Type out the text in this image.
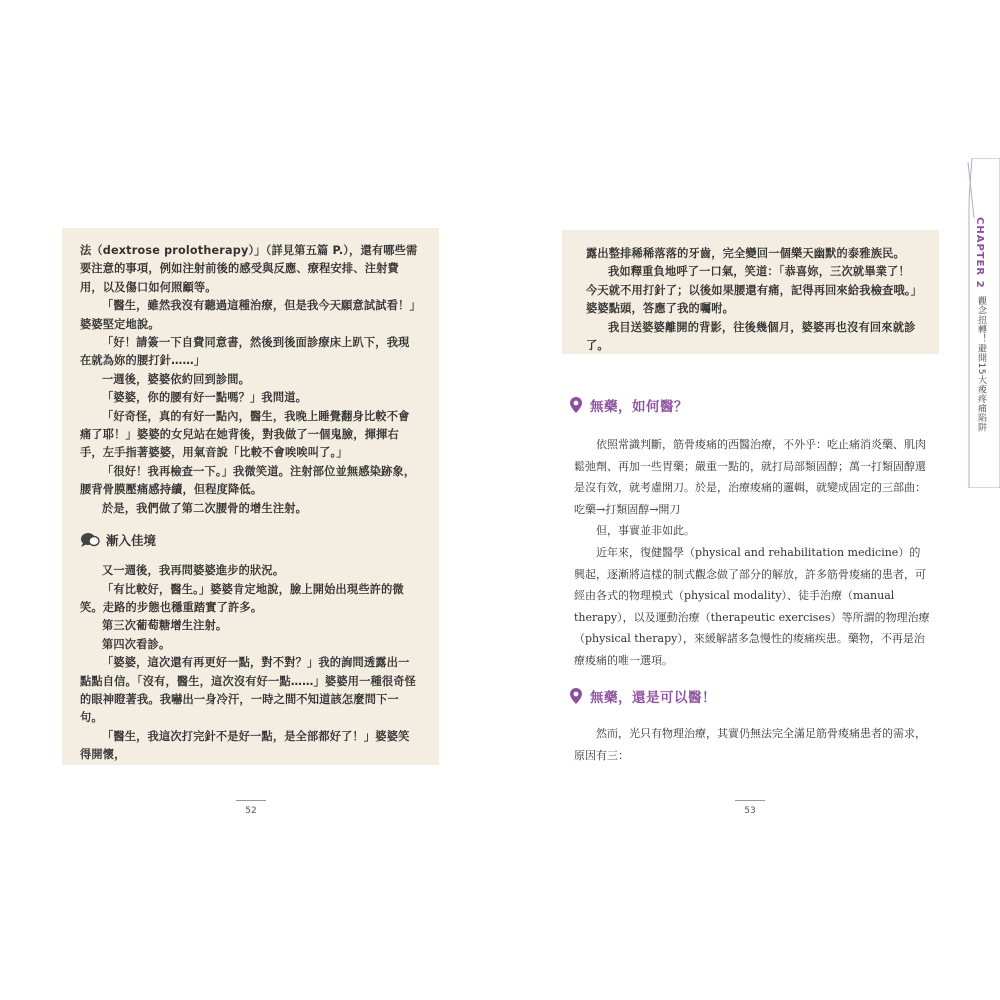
法（dextrose prolotherapy）」（詳見第五篇 P.），還有哪些需要注意的事項，例如注射前後的感受與反應、療程安排、注射費用，以及傷口如何照顧等。

「醫生，雖然我沒有聽過這種治療，但是我今天願意試試看！」婆婆堅定地說。

「好！請簽一下自費同意書，然後到後面診療床上趴下，我現在就為妳的腰打針……」

一週後，婆婆依約回到診間。

「婆婆，你的腰有好一點嗎？」我問道。

「好奇怪，真的有好一點內，醫生，我晚上睡覺翻身比較不會痛了耶！」婆婆的女兒站在她背後，對我做了一個鬼臉，揮揮右手，左手指著婆婆，用氣音說「比較不會唉唉叫了。」

「很好！我再檢查一下。」我微笑道。注射部位並無感染跡象，腰背骨膜壓痛感持續，但程度降低。

於是，我們做了第二次腰骨的增生注射。

漸入佳境

又一週後，我再問婆婆進步的狀況。

「有比較好，醫生。」婆婆肯定地說，臉上開始出現些許的微笑。走路的步態也穩重踏實了許多。

第三次葡萄糖增生注射。

第四次看診。

「婆婆，這次還有再更好一點，對不對？」我的詢問透露出一點點自信。「沒有，醫生，這次沒有好一點……」婆婆用一種很奇怪的眼神瞪著我。我嚇出一身冷汗，一時之間不知道該怎麼問下一句。

「醫生，我這次打完針不是好一點，是全部都好了！」婆婆笑得開懷，

52

露出整排稀稀落落的牙齒，完全變回一個樂天幽默的泰雅族民。

我如釋重負地呼了一口氣，笑道：「恭喜妳，三次就畢業了！今天就不用打針了；以後如果腰還有痛，記得再回來給我檢查哦。」婆婆點頭，答應了我的囑咐。

我目送婆婆離開的背影，往後幾個月，婆婆再也沒有回來就診了。

無藥，如何醫？

依照常識判斷，筋骨痠痛的西醫治療，不外乎：吃止痛消炎藥、肌肉鬆弛劑、再加一些胃藥；嚴重一點的，就打局部類固醇；萬一打類固醇還是沒有效，就考慮開刀。於是，治療痠痛的邏輯，就變成固定的三部曲：吃藥→打類固醇→開刀

但，事實並非如此。

近年來，復健醫學（physical and rehabilitation medicine）的興起，逐漸將這樣的制式觀念做了部分的解放，許多筋骨痠痛的患者，可經由各式的物理模式（physical modality）、徒手治療（manual therapy），以及運動治療（therapeutic exercises）等所謂的物理治療（physical therapy），來緩解諸多急慢性的痠痛疾患。藥物，不再是治療痠痛的唯一選項。

無藥，還是可以醫！

然而，光只有物理治療，其實仍無法完全滿足筋骨痠痛患者的需求，原因有三：

53
CHAPTER 2
觀念扭轉！避開15大痠疼痛陷阱
